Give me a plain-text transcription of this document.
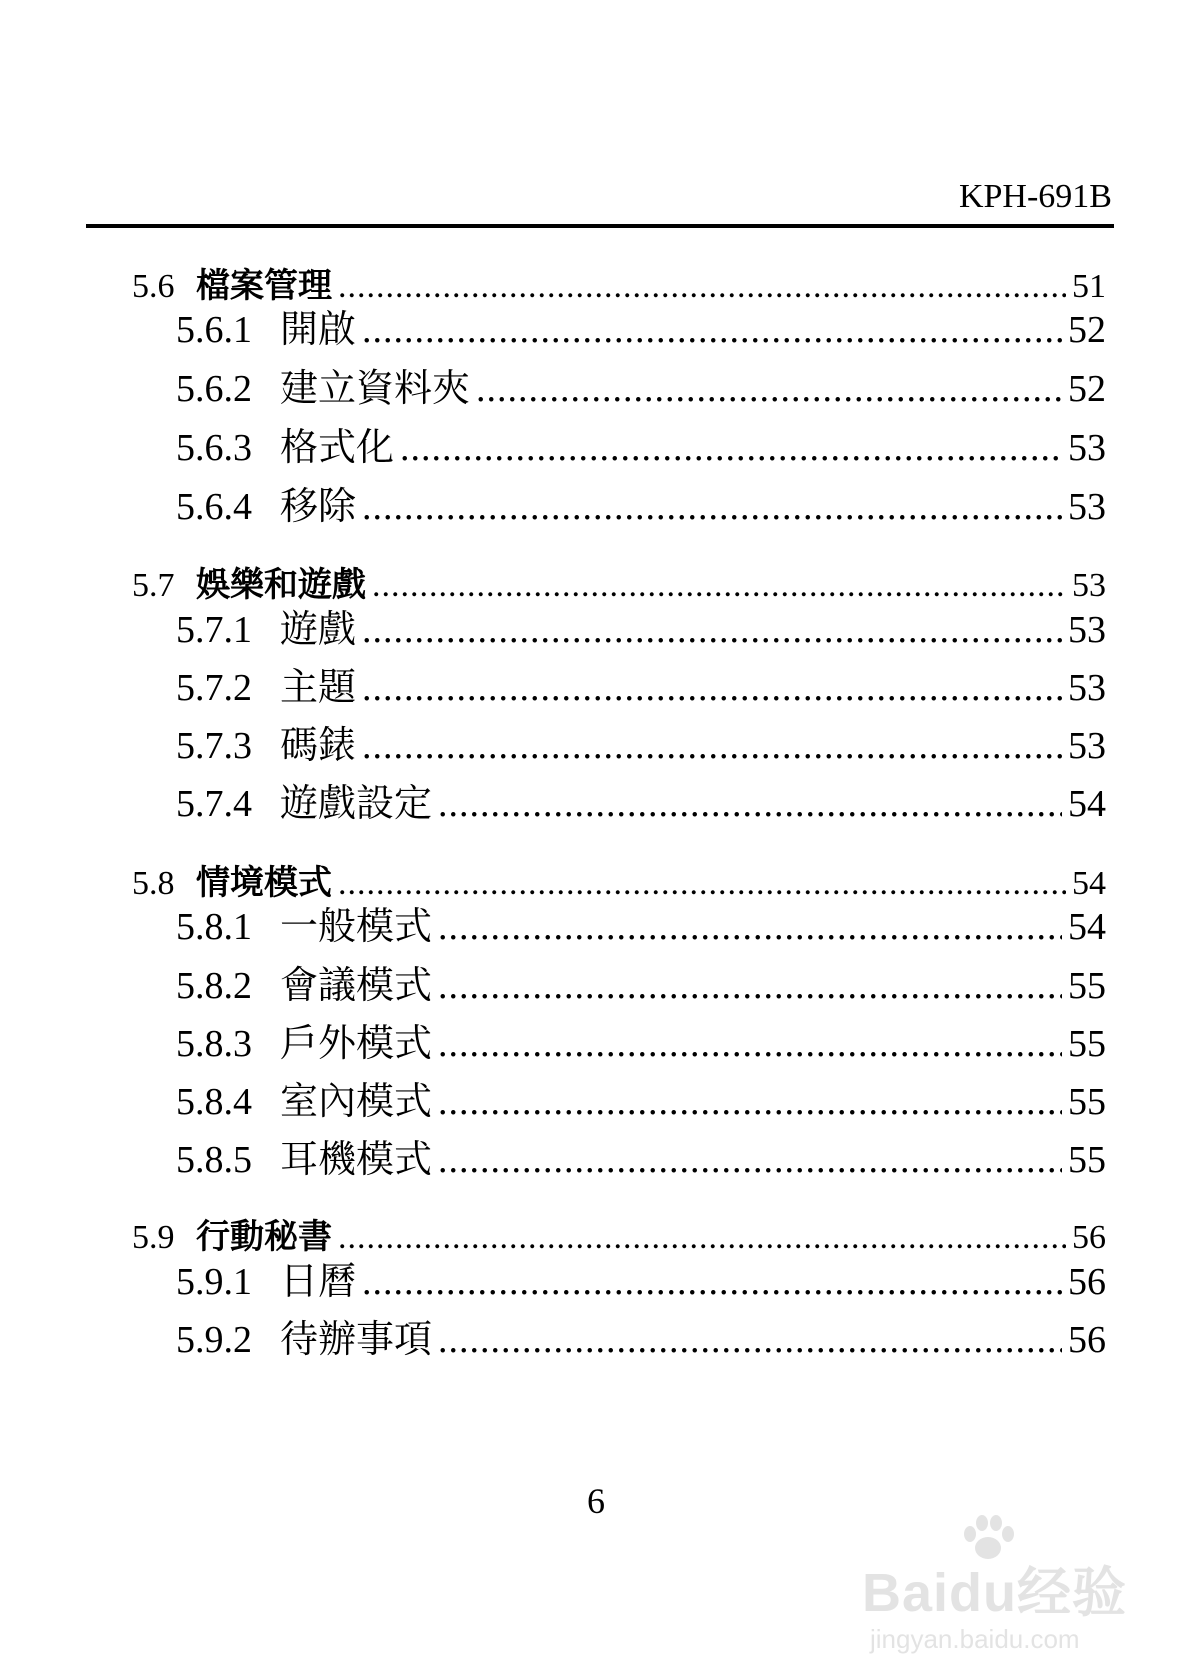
KPH-691B
5.6 檔案管理 .....	51
5.6.1 開啟 .....	52
5.6.2 建立資料夾 .....	52
5.6.3 格式化 .....	53
5.6.4 移除 .....	53
5.7 娛樂和遊戲 .....	53
5.7.1 遊戲 .....	53
5.7.2 主題 .....	53
5.7.3 碼錶 .....	53
5.7.4 遊戲設定 .....	54
5.8 情境模式 .....	54
5.8.1 一般模式 .....	54
5.8.2 會議模式 .....	55
5.8.3 戶外模式 .....	55
5.8.4 室內模式 .....	55
5.8.5 耳機模式 .....	55
5.9 行動秘書 .....	56
5.9.1 日曆 .....	56
5.9.2 待辦事項 .....	56
6
Baidu经验
jingyan.baidu.com
